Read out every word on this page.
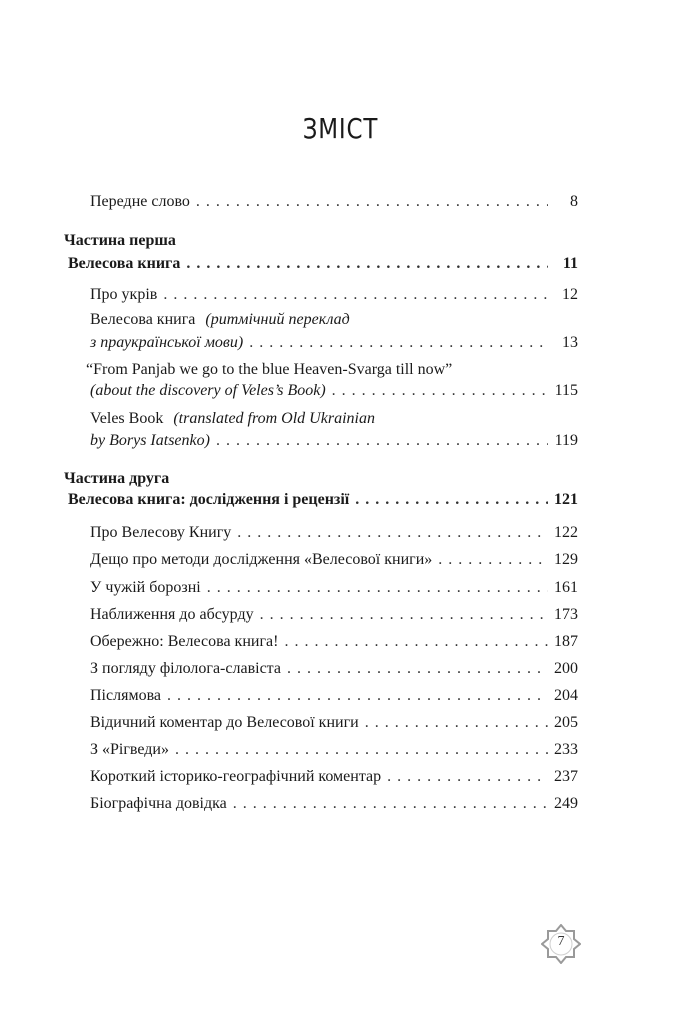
ЗМІСТ
Передне слово . . .	8
Частина перша
Велесова книга . . .	11
Про укрів . . .	12
Велесова книга (ритмічний переклад
з праукраїнської мови) . . .	13
“From Panjab we go to the blue Heaven-Svarga till now”
(about the discovery of Veles’s Book) . . .	115
Veles Book (translated from Old Ukrainian
by Borys Iatsenko) . . .	119
Частина друга
Велесова книга: дослідження і рецензії . . .	121
Про Велесову Книгу . . .	122
Дещо про методи дослідження «Велесової книги» . . .	129
У чужій борозні . . .	161
Наближення до абсурду . . .	173
Обережно: Велесова книга! . . .	187
З погляду філолога-славіста . . .	200
Післямова . . .	204
Відичний коментар до Велесової книги . . .	205
З «Рігведи» . . .	233
Короткий історико-географічний коментар . . .	237
Біографічна довідка . . .	249
7
